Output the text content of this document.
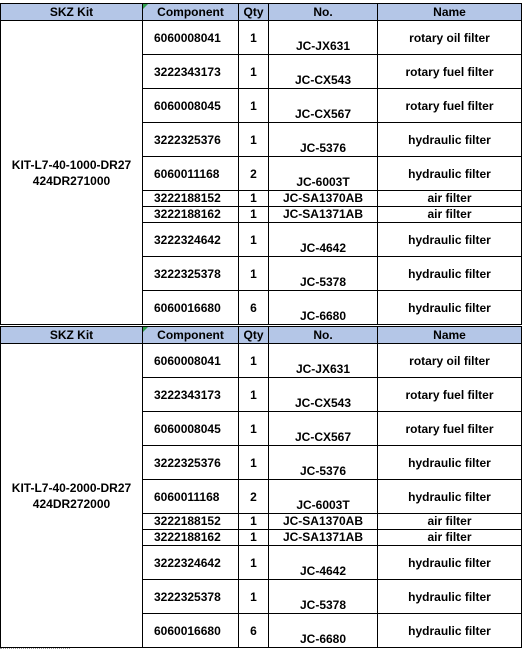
SKZ Kit	Component	Qty	No.	Name

KIT-L7-40-1000-DR27
424DR271000	6060008041	1	JC-JX631	rotary oil filter
	3222343173	1	JC-CX543	rotary fuel filter
	6060008045	1	JC-CX567	rotary fuel filter
	3222325376	1	JC-5376	hydraulic filter
	6060011168	2	JC-6003T	hydraulic filter
	3222188152	1	JC-SA1370AB	air filter
	3222188162	1	JC-SA1371AB	air filter
	3222324642	1	JC-4642	hydraulic filter
	3222325378	1	JC-5378	hydraulic filter
	6060016680	6	JC-6680	hydraulic filter
SKZ Kit	Component	Qty	No.	Name

KIT-L7-40-2000-DR27
424DR272000	6060008041	1	JC-JX631	rotary oil filter
	3222343173	1	JC-CX543	rotary fuel filter
	6060008045	1	JC-CX567	rotary fuel filter
	3222325376	1	JC-5376	hydraulic filter
	6060011168	2	JC-6003T	hydraulic filter
	3222188152	1	JC-SA1370AB	air filter
	3222188162	1	JC-SA1371AB	air filter
	3222324642	1	JC-4642	hydraulic filter
	3222325378	1	JC-5378	hydraulic filter
	6060016680	6	JC-6680	hydraulic filter
